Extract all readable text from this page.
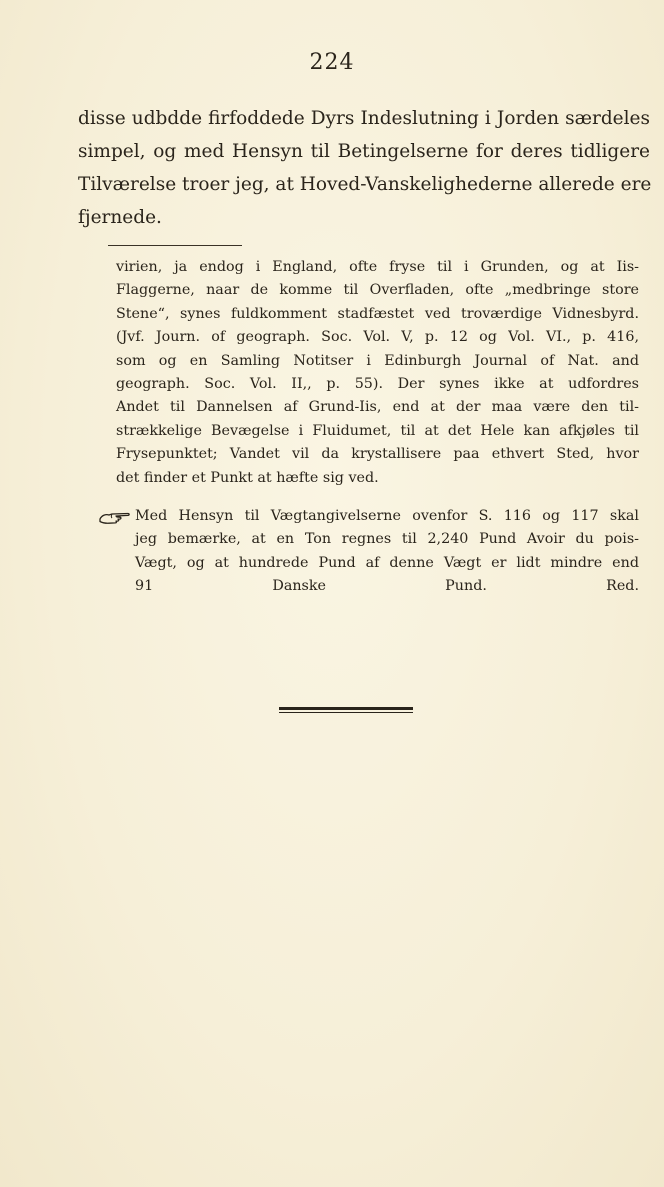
224
disse udbdde firfoddede Dyrs Indeslutning i Jorden særdeles
simpel, og med Hensyn til Betingelserne for deres tidligere
Tilværelse troer jeg, at Hoved-Vanskelighederne allerede ere
fjernede.
virien, ja endog i England, ofte fryse til i Grunden, og at Iis-
Flaggerne, naar de komme til Overfladen, ofte „medbringe store
Stene“, synes fuldkomment stadfæstet ved troværdige Vidnesbyrd.
(Jvf. Journ. of geograph. Soc. Vol. V, p. 12 og Vol. VI., p. 416,
som og en Samling Notitser i Edinburgh Journal of Nat. and
geograph. Soc. Vol. II,, p. 55). Der synes ikke at udfordres
Andet til Dannelsen af Grund-Iis, end at der maa være den til-
strækkelige Bevægelse i Fluidumet, til at det Hele kan afkjøles til
Frysepunktet; Vandet vil da krystallisere paa ethvert Sted, hvor
det finder et Punkt at hæfte sig ved.
Med Hensyn til Vægtangivelserne ovenfor S. 116 og 117 skal
jeg bemærke, at en Ton regnes til 2,240 Pund Avoir du pois-
Vægt, og at hundrede Pund af denne Vægt er lidt mindre end
91 Danske Pund. Red.
